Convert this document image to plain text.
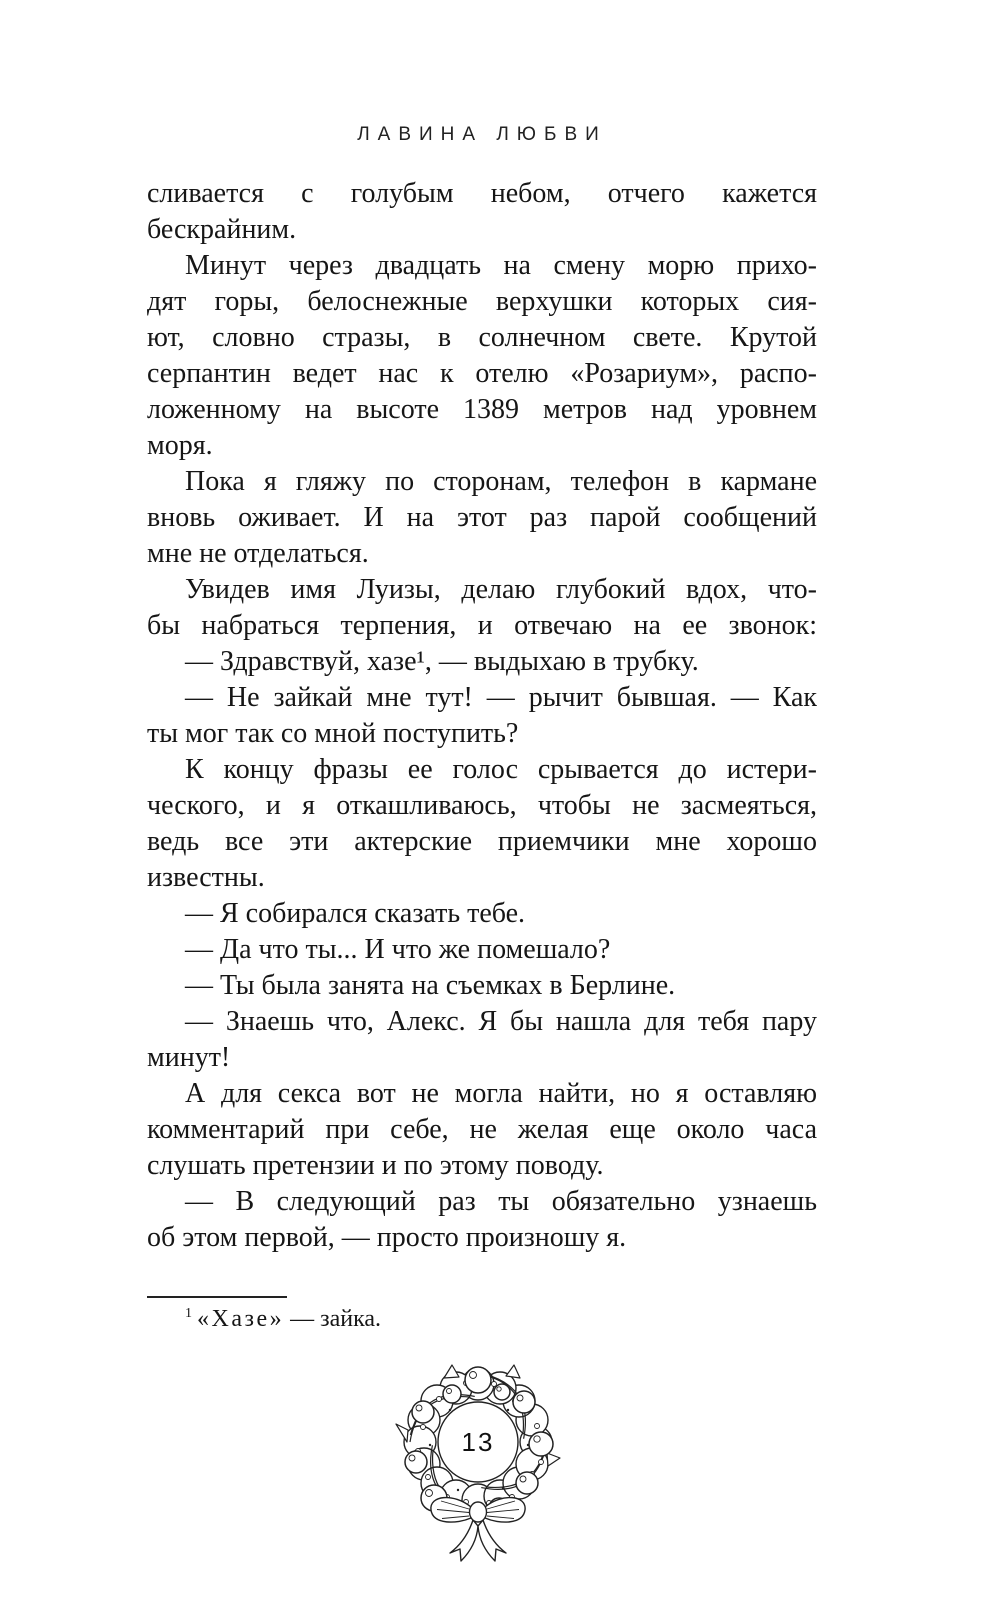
ЛАВИНА ЛЮБВИ
сливается с голубым небом, отчего кажется
бескрайним.
Минут через двадцать на смену морю прихо-
дят горы, белоснежные верхушки которых сия-
ют, словно стразы, в солнечном свете. Крутой
серпантин ведет нас к отелю «Розариум», распо-
ложенному на высоте 1389 метров над уровнем
моря.
Пока я гляжу по сторонам, телефон в кармане
вновь оживает. И на этот раз парой сообщений
мне не отделаться.
Увидев имя Луизы, делаю глубокий вдох, что-
бы набраться терпения, и отвечаю на ее звонок:
— Здравствуй, хазе¹, — выдыхаю в трубку.
— Не зайкай мне тут! — рычит бывшая. — Как
ты мог так со мной поступить?
К концу фразы ее голос срывается до истери-
ческого, и я откашливаюсь, чтобы не засмеяться,
ведь все эти актерские приемчики мне хорошо
известны.
— Я собирался сказать тебе.
— Да что ты... И что же помешало?
— Ты была занята на съемках в Берлине.
— Знаешь что, Алекс. Я бы нашла для тебя пару
минут!
А для секса вот не могла найти, но я оставляю
комментарий при себе, не желая еще около часа
слушать претензии и по этому поводу.
— В следующий раз ты обязательно узнаешь
об этом первой, — просто произношу я.
$^1$ «Хазе» — зайка.
13
